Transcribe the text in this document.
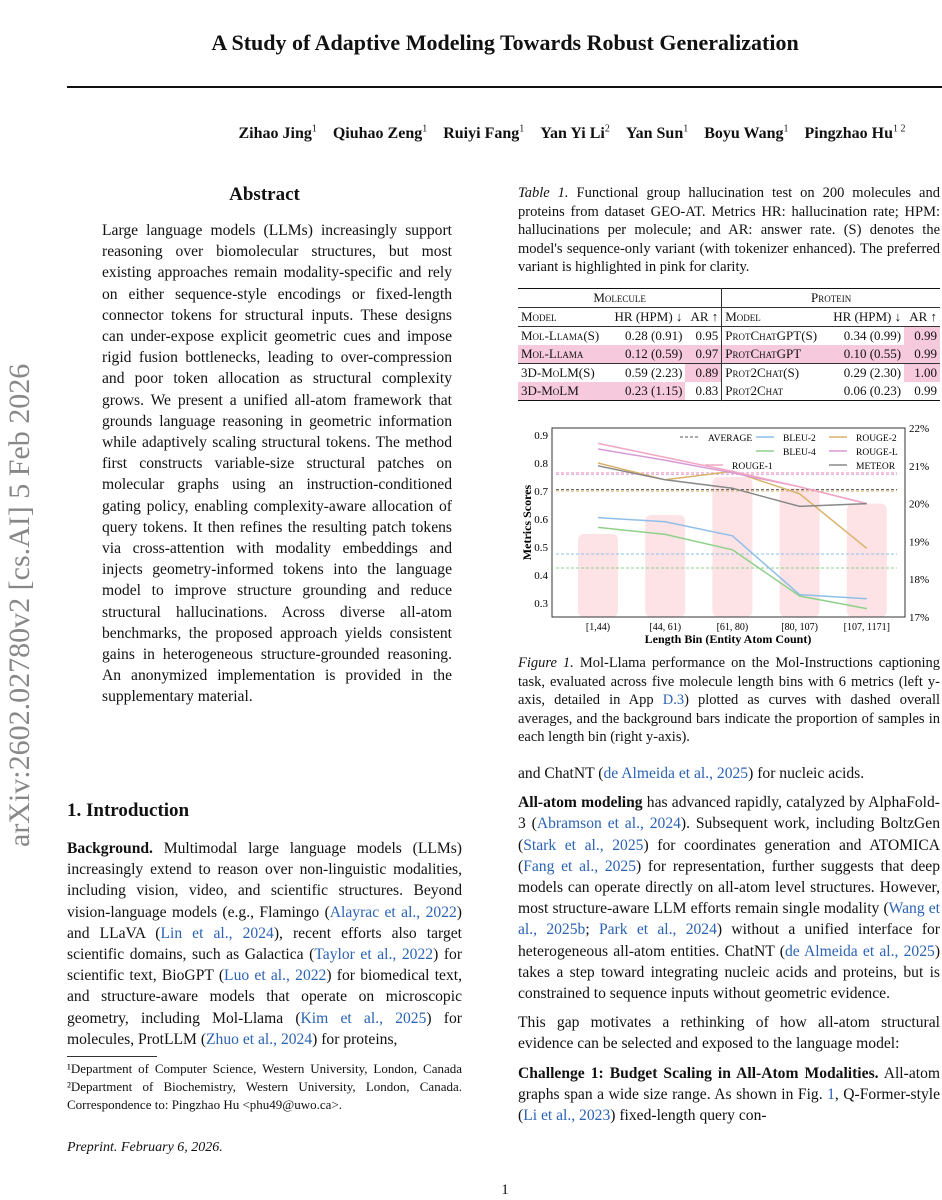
arXiv:2602.02780v2 [cs.AI] 5 Feb 2026
A Study of Adaptive Modeling Towards Robust Generalization
Zihao Jing$^1$ Qiuhao Zeng$^1$ Ruiyi Fang$^1$ Yan Yi Li$^2$ Yan Sun$^1$ Boyu Wang$^1$ Pingzhao $Hu^{1 2}$
Abstract
Large language models (LLMs) increasingly support reasoning over biomolecular structures, but most existing approaches remain modality-specific and rely on either sequence-style encodings or fixed-length connector tokens for structural inputs. These designs can under-expose explicit geometric cues and impose rigid fusion bottlenecks, leading to over-compression and poor token allocation as structural complexity grows. We present a unified all-atom framework that grounds language reasoning in geometric information while adaptively scaling structural tokens. The method first constructs variable-size structural patches on molecular graphs using an instruction-conditioned gating policy, enabling complexity-aware allocation of query tokens. It then refines the resulting patch tokens via cross-attention with modality embeddings and injects geometry-informed tokens into the language model to improve structure grounding and reduce structural hallucinations. Across diverse all-atom benchmarks, the proposed approach yields consistent gains in heterogeneous structure-grounded reasoning. An anonymized implementation is provided in the supplementary material.
1. Introduction
Background. Multimodal large language models (LLMs) increasingly extend to reason over non-linguistic modalities, including vision, video, and scientific structures. Beyond vision-language models (e.g., Flamingo (Alayrac et al., 2022) and LLaVA (Lin et al., 2024), recent efforts also target scientific domains, such as Galactica (Taylor et al., 2022) for scientific text, BioGPT (Luo et al., 2022) for biomedical text, and structure-aware models that operate on microscopic geometry, including Mol-Llama (Kim et al., 2025) for molecules, ProtLLM (Zhuo et al., 2024) for proteins,
¹Department of Computer Science, Western University, London, Canada ²Department of Biochemistry, Western University, London, Canada. Correspondence to: Pingzhao Hu <phu49@uwo.ca>.
Preprint. February 6, 2026.
1
Table 1. Functional group hallucination test on 200 molecules and proteins from dataset GEO-AT. Metrics HR: hallucination rate; HPM: hallucinations per molecule; and AR: answer rate. (S) denotes the model's sequence-only variant (with tokenizer enhanced). The preferred variant is highlighted in pink for clarity.
Molecule			Protein		
Model	HR (HPM) ↓	AR ↑	Model	HR (HPM) ↓	AR ↑
Mol-Llama(S)	0.28 (0.91)	0.95	ProtChatGPT(S)	0.34 (0.99)	0.99
Mol-Llama	0.12 (0.59)	0.97	ProtChatGPT	0.10 (0.55)	0.99
3D-MoLM(S)	0.59 (2.23)	0.89	Prot2Chat(S)	0.29 (2.30)	1.00
3D-MoLM	0.23 (1.15)	0.83	Prot2Chat	0.06 (0.23)	0.99
0.3
0.4
0.5
0.6
0.7
0.8
0.9
17%
18%
19%
20%
21%
22%
[1,44)	[44, 61)	[61, 80)	[80, 107)	[107, 1171]
Length Bin (Entity Atom Count)
Metrics Scores
AVERAGE	BLEU-2	ROUGE-2
BLEU-4	ROUGE-L
ROUGE-1	METEOR
Figure 1. Mol-Llama performance on the Mol-Instructions captioning task, evaluated across five molecule length bins with 6 metrics (left y-axis, detailed in App D.3) plotted as curves with dashed overall averages, and the background bars indicate the proportion of samples in each length bin (right y-axis).

and ChatNT (de Almeida et al., 2025) for nucleic acids.

All-atom modeling has advanced rapidly, catalyzed by AlphaFold-3 (Abramson et al., 2024). Subsequent work, including BoltzGen (Stark et al., 2025) for coordinates generation and ATOMICA (Fang et al., 2025) for representation, further suggests that deep models can operate directly on all-atom level structures. However, most structure-aware LLM efforts remain single modality (Wang et al., 2025b; Park et al., 2024) without a unified interface for heterogeneous all-atom entities. ChatNT (de Almeida et al., 2025) takes a step toward integrating nucleic acids and proteins, but is constrained to sequence inputs without geometric evidence.

This gap motivates a rethinking of how all-atom structural evidence can be selected and exposed to the language model:

Challenge 1: Budget Scaling in All-Atom Modalities. All-atom graphs span a wide size range. As shown in Fig. 1, Q-Former-style (Li et al., 2023) fixed-length query con-
